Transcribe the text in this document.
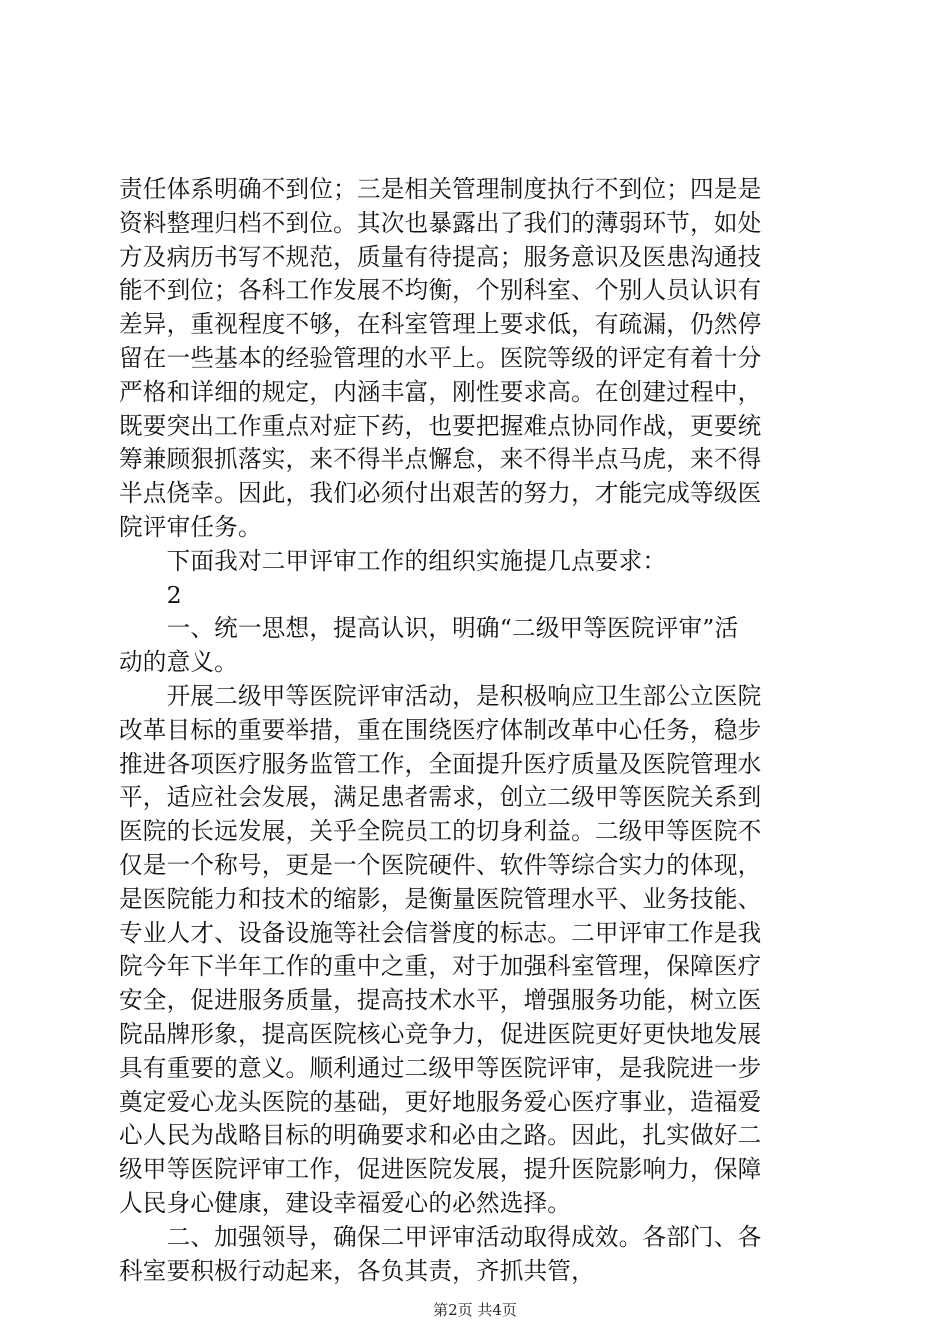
责任体系明确不到位；三是相关管理制度执行不到位；四是是
资料整理归档不到位。其次也暴露出了我们的薄弱环节，如处
方及病历书写不规范，质量有待提高；服务意识及医患沟通技
能不到位；各科工作发展不均衡，个别科室、个别人员认识有
差异，重视程度不够，在科室管理上要求低，有疏漏，仍然停
留在一些基本的经验管理的水平上。医院等级的评定有着十分
严格和详细的规定，内涵丰富，刚性要求高。在创建过程中，
既要突出工作重点对症下药，也要把握难点协同作战，更要统
筹兼顾狠抓落实，来不得半点懈怠，来不得半点马虎，来不得
半点侥幸。因此，我们必须付出艰苦的努力，才能完成等级医
院评审任务。
　　下面我对二甲评审工作的组织实施提几点要求：
　　2
　　一、统一思想，提高认识，明确“二级甲等医院评审”活
动的意义。
　　开展二级甲等医院评审活动，是积极响应卫生部公立医院
改革目标的重要举措，重在围绕医疗体制改革中心任务，稳步
推进各项医疗服务监管工作，全面提升医疗质量及医院管理水
平，适应社会发展，满足患者需求，创立二级甲等医院关系到
医院的长远发展，关乎全院员工的切身利益。二级甲等医院不
仅是一个称号，更是一个医院硬件、软件等综合实力的体现，
是医院能力和技术的缩影，是衡量医院管理水平、业务技能、
专业人才、设备设施等社会信誉度的标志。二甲评审工作是我
院今年下半年工作的重中之重，对于加强科室管理，保障医疗
安全，促进服务质量，提高技术水平，增强服务功能，树立医
院品牌形象，提高医院核心竞争力，促进医院更好更快地发展
具有重要的意义。顺利通过二级甲等医院评审，是我院进一步
奠定爱心龙头医院的基础，更好地服务爱心医疗事业，造福爱
心人民为战略目标的明确要求和必由之路。因此，扎实做好二
级甲等医院评审工作，促进医院发展，提升医院影响力，保障
人民身心健康，建设幸福爱心的必然选择。
　　二、加强领导，确保二甲评审活动取得成效。各部门、各
科室要积极行动起来，各负其责，齐抓共管，
第2页 共4页
